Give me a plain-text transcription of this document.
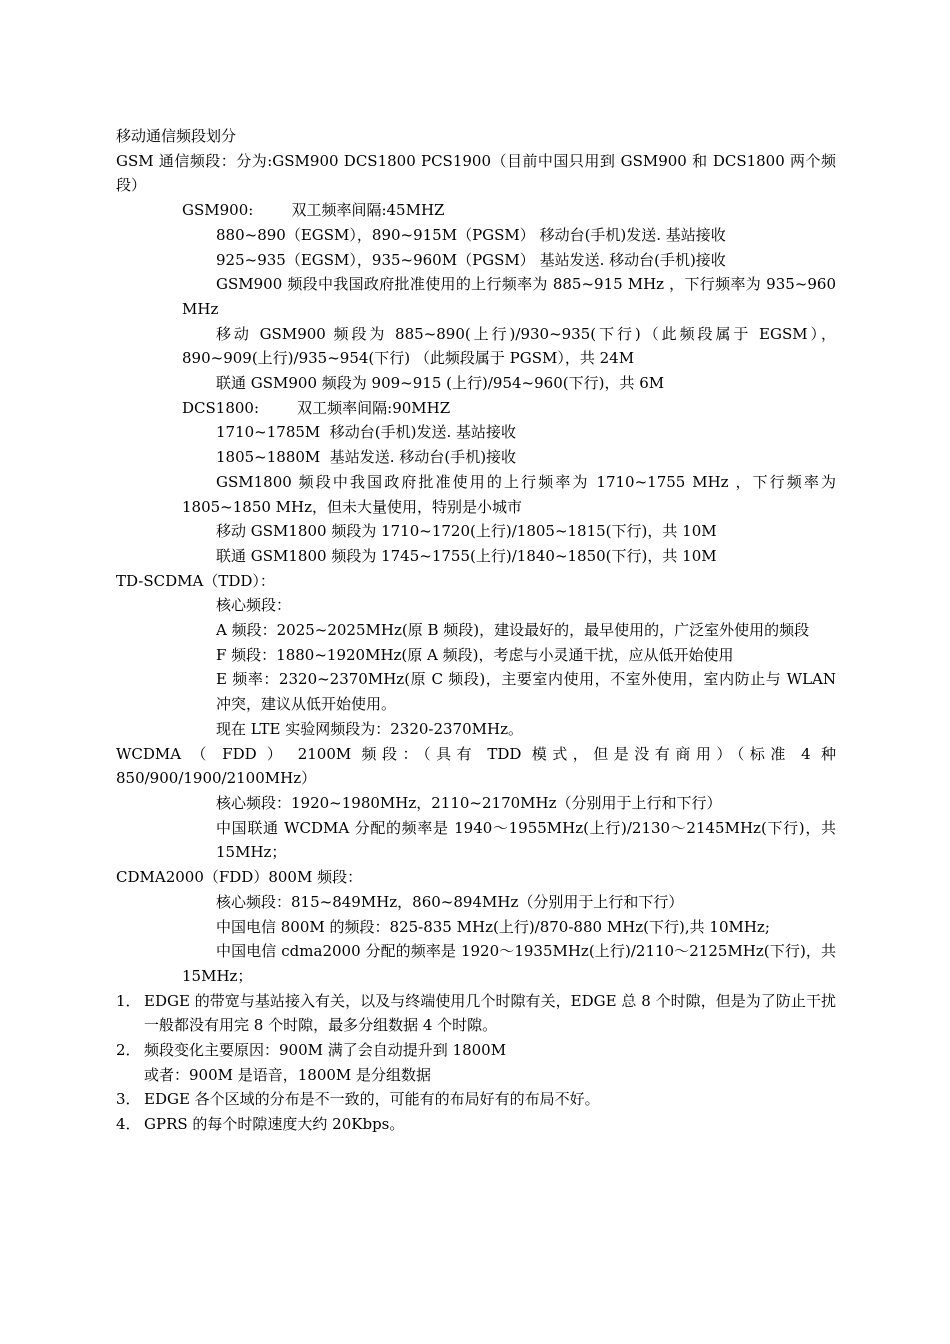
移动通信频段划分
GSM 通信频段：分为:GSM900 DCS1800 PCS1900（目前中国只用到 GSM900 和 DCS1800 两个频段）
GSM900:        双工频率间隔:45MHZ
880~890（EGSM），890~915M（PGSM） 移动台(手机)发送. 基站接收
925~935（EGSM），935~960M（PGSM） 基站发送. 移动台(手机)接收
GSM900 频段中我国政府批准使用的上行频率为 885~915 MHz ，下行频率为 935~960 MHz
移动 GSM900 频段为 885~890(上行)/930~935(下行)（此频段属于 EGSM），890~909(上行)/935~954(下行) （此频段属于 PGSM），共 24M
联通 GSM900 频段为 909~915 (上行)/954~960(下行)，共 6M
DCS1800:        双工频率间隔:90MHZ
1710~1785M  移动台(手机)发送. 基站接收
1805~1880M  基站发送. 移动台(手机)接收
GSM1800 频段中我国政府批准使用的上行频率为 1710~1755 MHz ，下行频率为 1805~1850 MHz，但未大量使用，特别是小城市
移动 GSM1800 频段为 1710~1720(上行)/1805~1815(下行)，共 10M
联通 GSM1800 频段为 1745~1755(上行)/1840~1850(下行)，共 10M
TD-SCDMA（TDD）：
核心频段：
A 频段：2025~2025MHz(原 B 频段)，建设最好的，最早使用的，广泛室外使用的频段
F 频段：1880~1920MHz(原 A 频段)，考虑与小灵通干扰，应从低开始使用
E 频率：2320~2370MHz(原 C 频段)，主要室内使用，不室外使用，室内防止与 WLAN 冲突，建议从低开始使用。
现在 LTE 实验网频段为：2320-2370MHz。
WCDMA （ FDD ） 2100M 频段：（具有 TDD 模式，但是没有商用）（标准 4 种 850/900/1900/2100MHz）
核心频段：1920~1980MHz，2110~2170MHz（分别用于上行和下行）
中国联通 WCDMA 分配的频率是 1940～1955MHz(上行)/2130～2145MHz(下行)，共 15MHz；
CDMA2000（FDD）800M 频段：
核心频段：815~849MHz，860~894MHz（分别用于上行和下行）
中国电信 800M 的频段：825-835 MHz(上行)/870-880 MHz(下行),共 10MHz;
中国电信 cdma2000 分配的频率是 1920～1935MHz(上行)/2110～2125MHz(下行)，共 15MHz；
1． EDGE 的带宽与基站接入有关，以及与终端使用几个时隙有关，EDGE 总 8 个时隙，但是为了防止干扰一般都没有用完 8 个时隙，最多分组数据 4 个时隙。
2． 频段变化主要原因：900M 满了会自动提升到 1800M
或者：900M 是语音，1800M 是分组数据
3． EDGE 各个区域的分布是不一致的，可能有的布局好有的布局不好。
4． GPRS 的每个时隙速度大约 20Kbps。
